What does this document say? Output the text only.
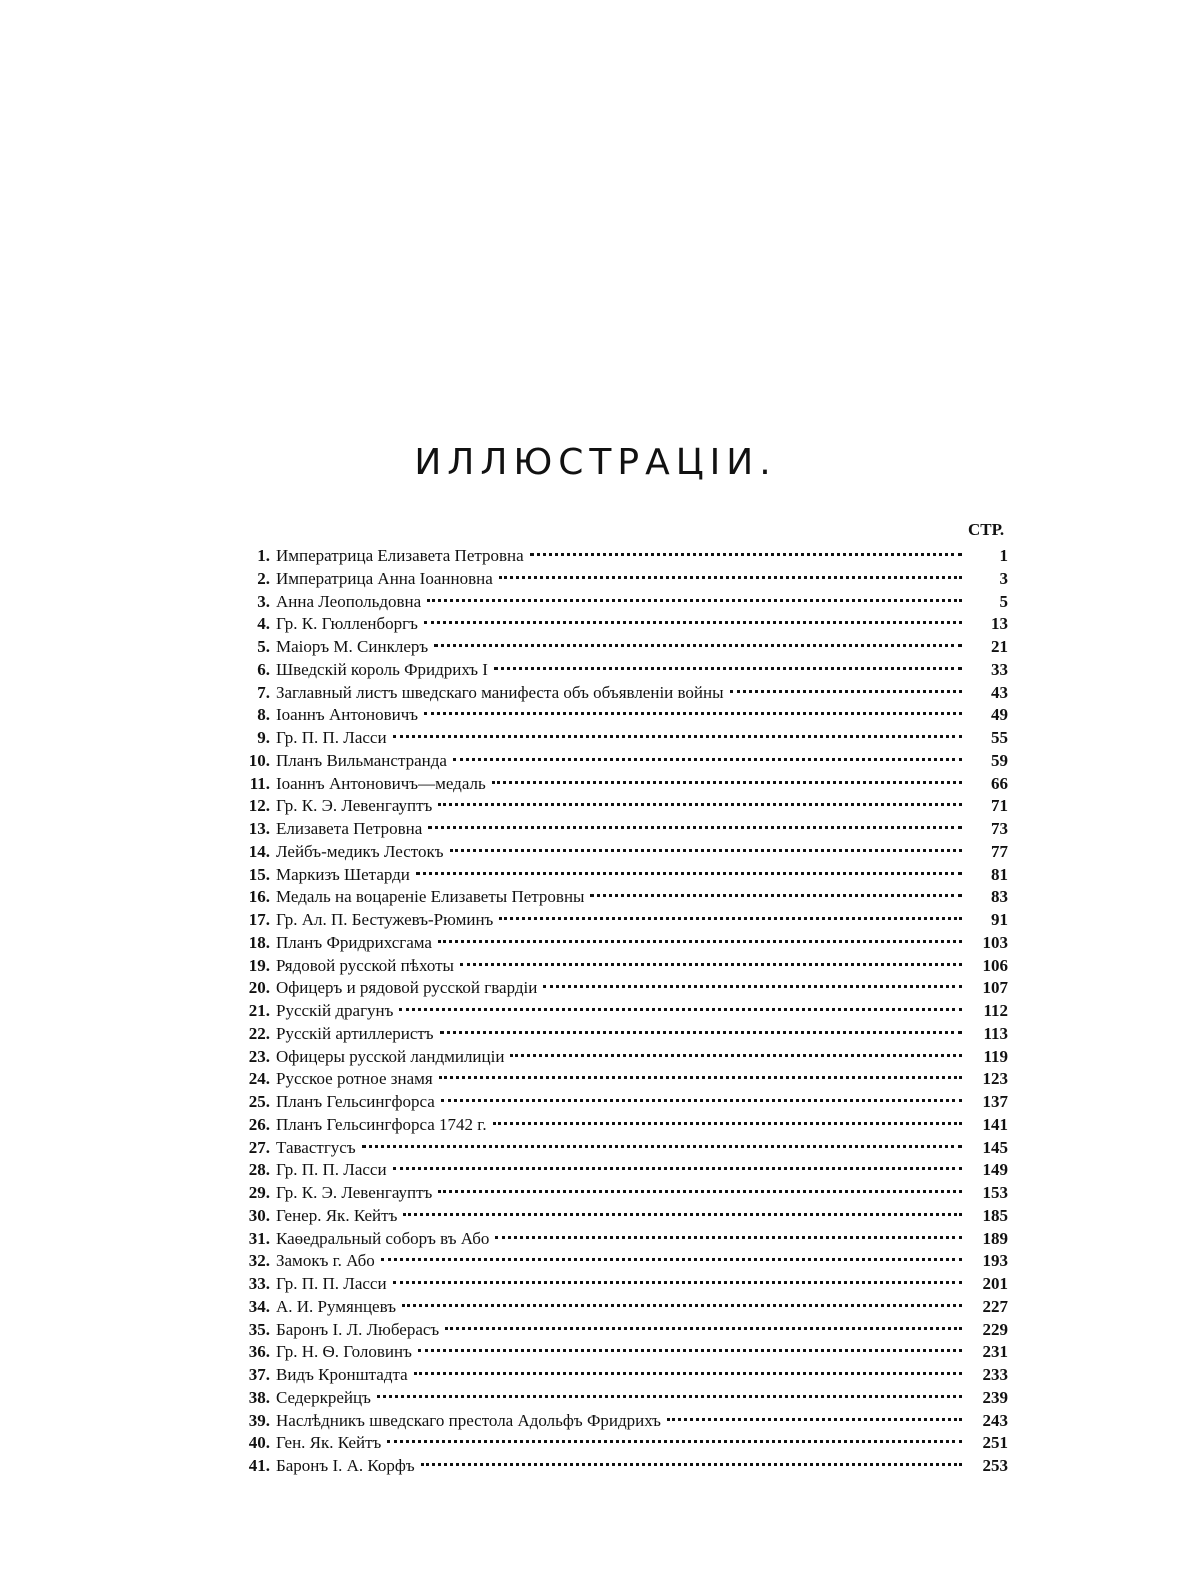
ИЛЛЮСТРАЦІИ.
СТР.
1. Императрица Елизавета Петровна	1
2. Императрица Анна Іоанновна	3
3. Анна Леопольдовна	5
4. Гр. К. Гюлленборгъ	13
5. Маіоръ М. Синклеръ	21
6. Шведскій король Фридрихъ I	33
7. Заглавный листъ шведскаго манифеста объ объявленіи войны	43
8. Іоаннъ Антоновичъ	49
9. Гр. П. П. Ласси	55
10. Планъ Вильманстранда	59
11. Іоаннъ Антоновичъ—медаль	66
12. Гр. К. Э. Левенгауптъ	71
13. Елизавета Петровна	73
14. Лейбъ-медикъ Лестокъ	77
15. Маркизъ Шетарди	81
16. Медаль на воцареніе Елизаветы Петровны	83
17. Гр. Ал. П. Бестужевъ-Рюминъ	91
18. Планъ Фридрихсгама	103
19. Рядовой русской пѣхоты	106
20. Офицеръ и рядовой русской гвардіи	107
21. Русскій драгунъ	112
22. Русскій артиллеристъ	113
23. Офицеры русской ландмилиціи	119
24. Русское ротное знамя	123
25. Планъ Гельсингфорса	137
26. Планъ Гельсингфорса 1742 г.	141
27. Тавастгусъ	145
28. Гр. П. П. Ласси	149
29. Гр. К. Э. Левенгауптъ	153
30. Генер. Як. Кейтъ	185
31. Каѳедральный соборъ въ Або	189
32. Замокъ г. Або	193
33. Гр. П. П. Ласси	201
34. А. И. Румянцевъ	227
35. Баронъ І. Л. Люберасъ	229
36. Гр. Н. Ѳ. Головинъ	231
37. Видъ Кронштадта	233
38. Седеркрейцъ	239
39. Наслѣдникъ шведскаго престола Адольфъ Фридрихъ	243
40. Ген. Як. Кейтъ	251
41. Баронъ І. А. Корфъ	253
